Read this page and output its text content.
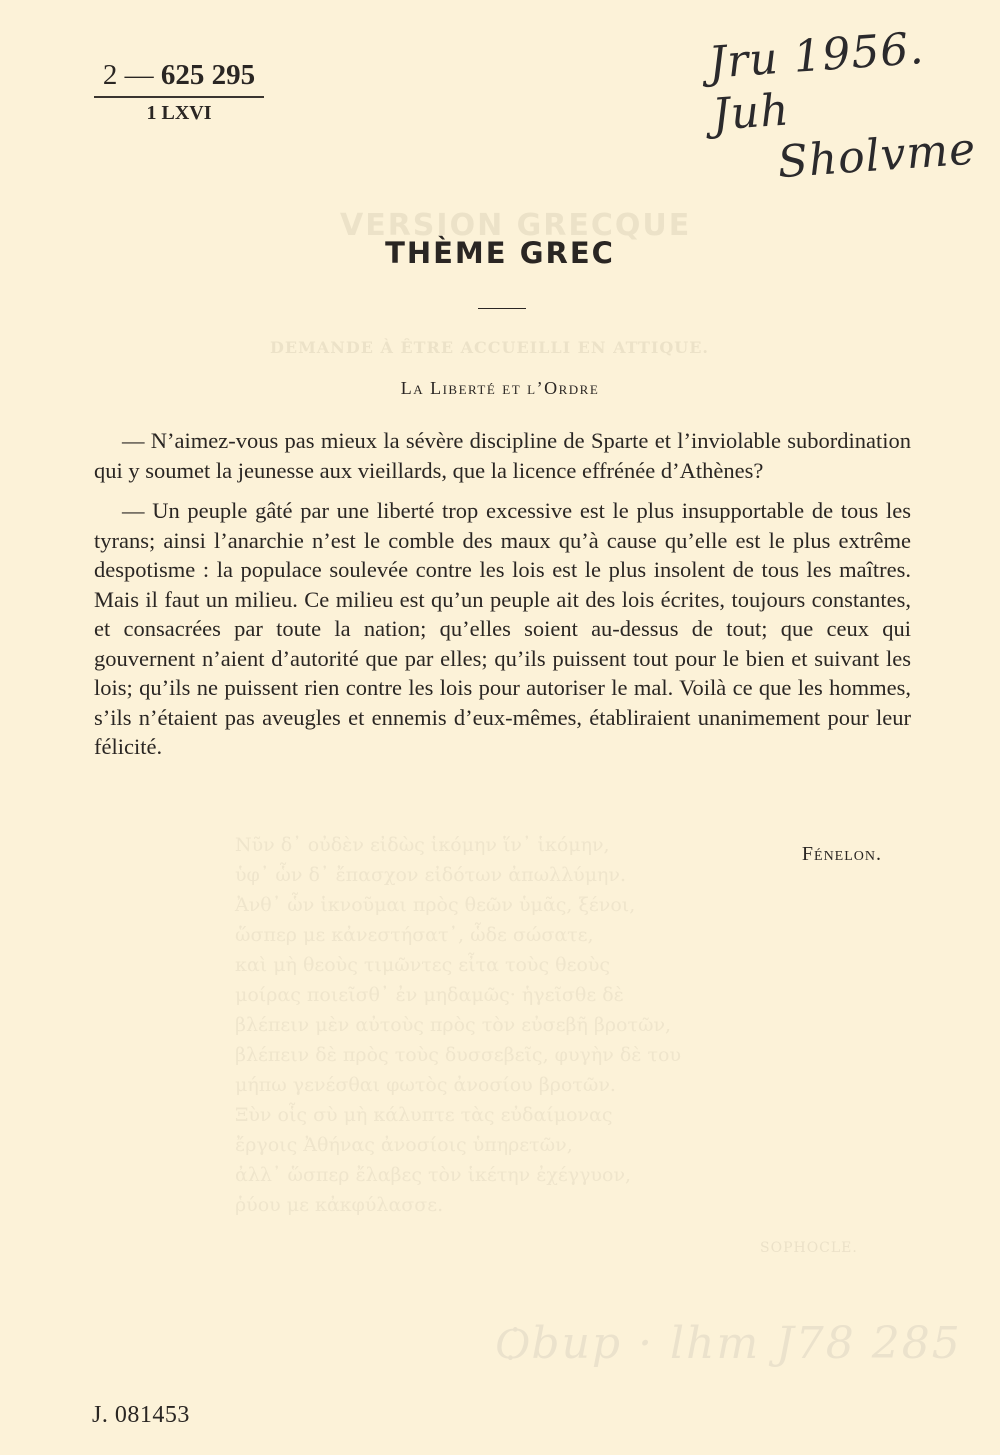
VERSION GRECQUE
DEMANDE À ÊTRE ACCUEILLI EN ATTIQUE.
Νῦν δ᾽ οὐδὲν εἰδὼς ἱκόμην ἵν᾽ ἱκόμην,
ὑφ᾽ ὧν δ᾽ ἔπασχον εἰδότων ἀπωλλύμην.
Ἀνθ᾽ ὧν ἱκνοῦμαι πρὸς θεῶν ὑμᾶς, ξένοι,
ὥσπερ με κἀνεστήσατ᾽, ὧδε σώσατε,
καὶ μὴ θεοὺς τιμῶντες εἶτα τοὺς θεοὺς
μοίρας ποιεῖσθ᾽ ἐν μηδαμῶς· ἡγεῖσθε δὲ
βλέπειν μὲν αὐτοὺς πρὸς τὸν εὐσεβῆ βροτῶν,
βλέπειν δὲ πρὸς τοὺς δυσσεβεῖς, φυγὴν δὲ του
μήπω γενέσθαι φωτὸς ἀνοσίου βροτῶν.
Ξὺν οἷς σὺ μὴ κάλυπτε τὰς εὐδαίμονας
ἔργοις Ἀθήνας ἀνοσίοις ὑπηρετῶν,
ἀλλ᾽ ὥσπερ ἔλαβες τὸν ἱκέτην ἐχέγγυον,
ῥύου με κἀκφύλασσε.
SOPHOCLE.
Ѻbup · lhm J78 285
2 — 625 295
1 LXVI
Jru 1956. Juh
Sholvme
THÈME GREC
La Liberté et l’Ordre

— N’aimez-vous pas mieux la sévère discipline de Sparte et l’inviolable subordination qui y soumet la jeunesse aux vieillards, que la licence effrénée d’Athènes?

— Un peuple gâté par une liberté trop excessive est le plus insupportable de tous les tyrans; ainsi l’anarchie n’est le comble des maux qu’à cause qu’elle est le plus extrême despotisme : la populace soulevée contre les lois est le plus insolent de tous les maîtres. Mais il faut un milieu. Ce milieu est qu’un peuple ait des lois écrites, toujours constantes, et consacrées par toute la nation; qu’elles soient au-dessus de tout; que ceux qui gouvernent n’aient d’autorité que par elles; qu’ils puissent tout pour le bien et suivant les lois; qu’ils ne puissent rien contre les lois pour autoriser le mal. Voilà ce que les hommes, s’ils n’étaient pas aveugles et ennemis d’eux-mêmes, établiraient unanimement pour leur félicité.

Fénelon.
J. 081453
